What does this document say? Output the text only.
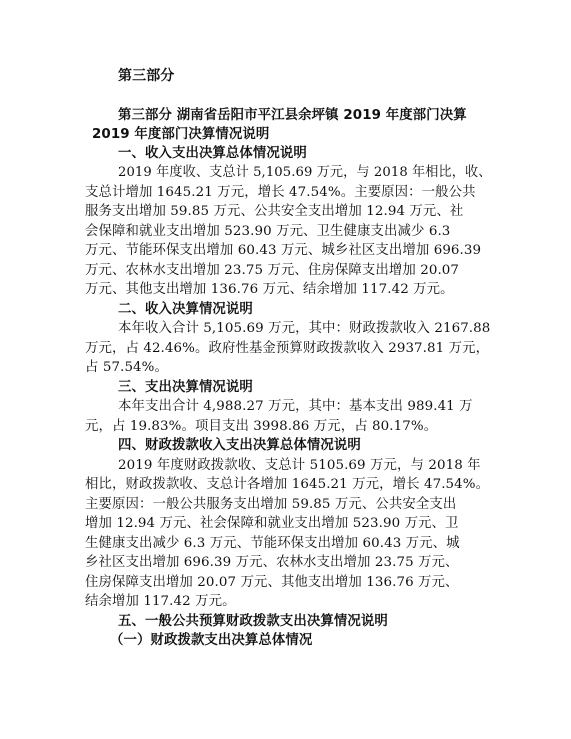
第三部分
第三部分 湖南省岳阳市平江县余坪镇 2019 年度部门决算
2019 年度部门决算情况说明
一、收入支出决算总体情况说明
2019 年度收、支总计 5,105.69 万元，与 2018 年相比，收、
支总计增加 1645.21 万元，增长 47.54%。主要原因：一般公共
服务支出增加 59.85 万元、公共安全支出增加 12.94 万元、社
会保障和就业支出增加 523.90 万元、卫生健康支出减少 6.3
万元、节能环保支出增加 60.43 万元、城乡社区支出增加 696.39
万元、农林水支出增加 23.75 万元、住房保障支出增加 20.07
万元、其他支出增加 136.76 万元、结余增加 117.42 万元。
二、收入决算情况说明
本年收入合计 5,105.69 万元，其中：财政拨款收入 2167.88
万元，占 42.46%。政府性基金预算财政拨款收入 2937.81 万元，
占 57.54%。
三、支出决算情况说明
本年支出合计 4,988.27 万元，其中：基本支出 989.41 万
元，占 19.83%。项目支出 3998.86 万元，占 80.17%。
四、财政拨款收入支出决算总体情况说明
2019 年度财政拨款收、支总计 5105.69 万元，与 2018 年
相比，财政拨款收、支总计各增加 1645.21 万元，增长 47.54%。
主要原因：一般公共服务支出增加 59.85 万元、公共安全支出
增加 12.94 万元、社会保障和就业支出增加 523.90 万元、卫
生健康支出减少 6.3 万元、节能环保支出增加 60.43 万元、城
乡社区支出增加 696.39 万元、农林水支出增加 23.75 万元、
住房保障支出增加 20.07 万元、其他支出增加 136.76 万元、
结余增加 117.42 万元。
五、一般公共预算财政拨款支出决算情况说明
（一）财政拨款支出决算总体情况
